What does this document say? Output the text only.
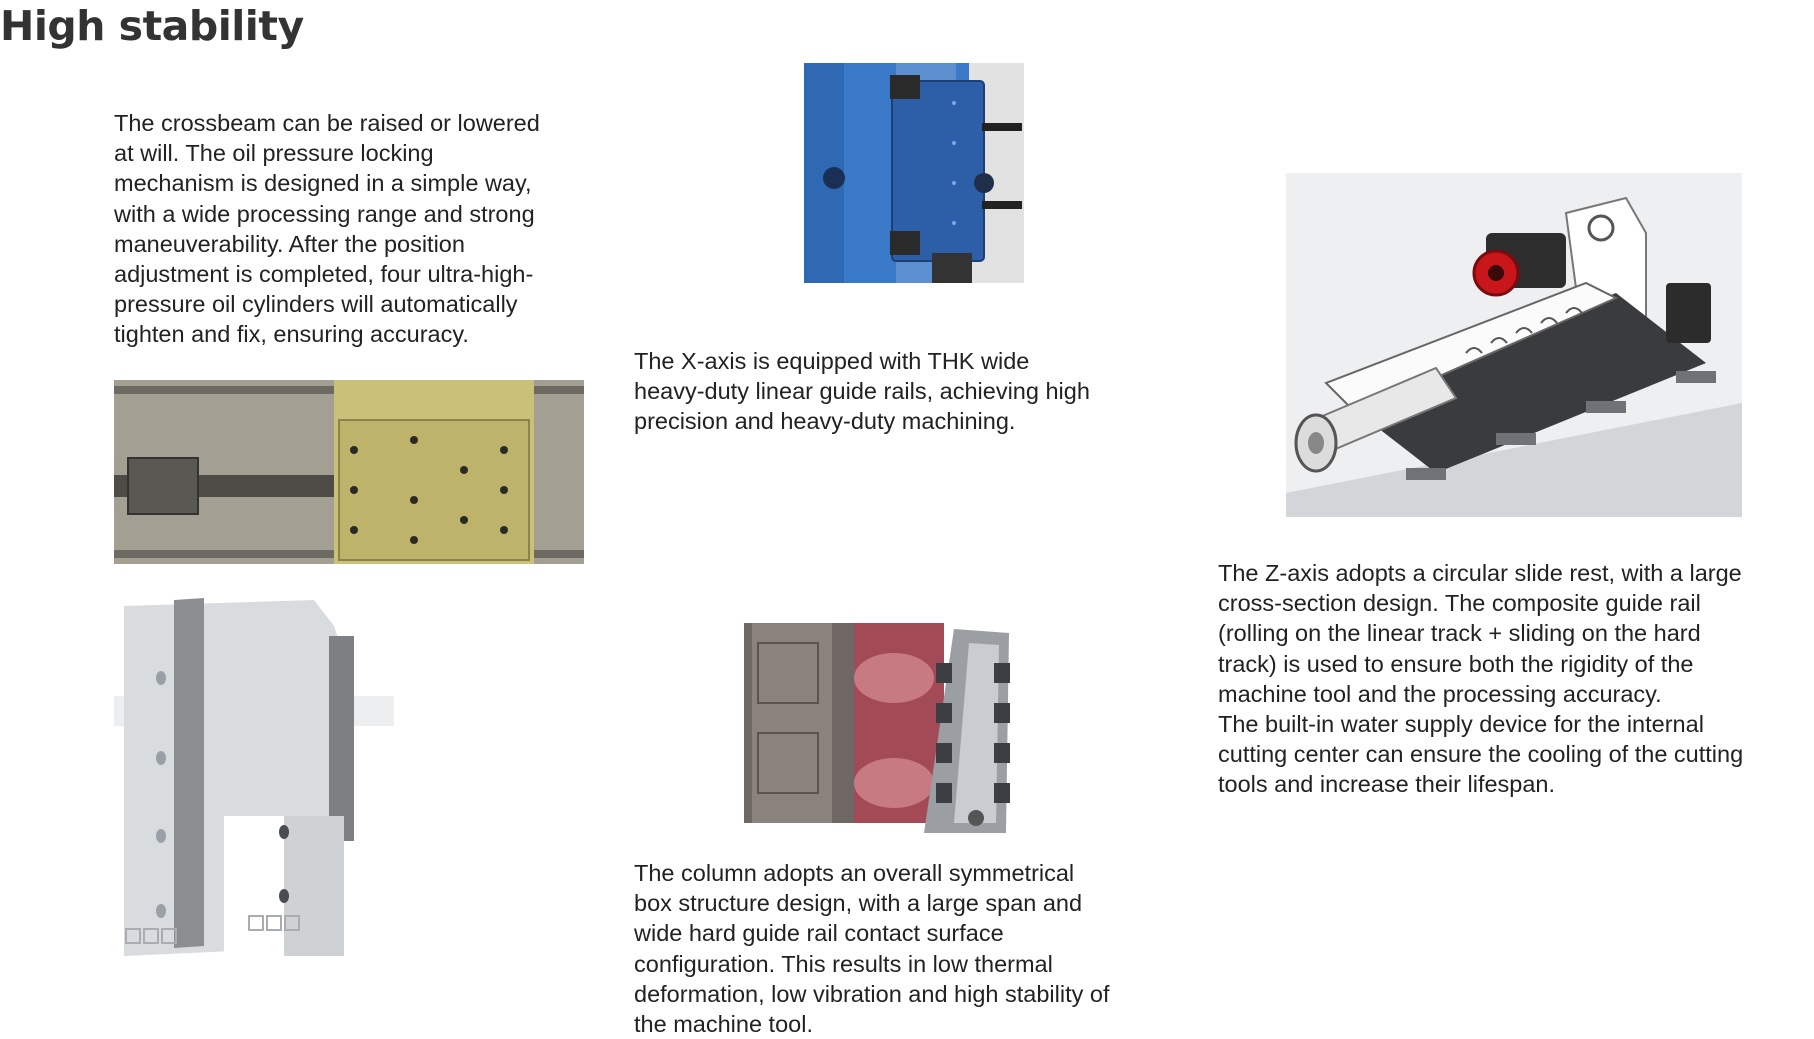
High stability
The crossbeam can be raised or lowered
at will. The oil pressure locking
mechanism is designed in a simple way,
with a wide processing range and strong
maneuverability. After the position
adjustment is completed, four ultra-high-
pressure oil cylinders will automatically
tighten and fix, ensuring accuracy.
The X-axis is equipped with THK wide
heavy-duty linear guide rails, achieving high
precision and heavy-duty machining.
The Z-axis adopts a circular slide rest, with a large
cross-section design. The composite guide rail
(rolling on the linear track + sliding on the hard
track) is used to ensure both the rigidity of the
machine tool and the processing accuracy.
The built-in water supply device for the internal
cutting center can ensure the cooling of the cutting
tools and increase their lifespan.
The column adopts an overall symmetrical
box structure design, with a large span and
wide hard guide rail contact surface
configuration. This results in low thermal
deformation, low vibration and high stability of
the machine tool.
